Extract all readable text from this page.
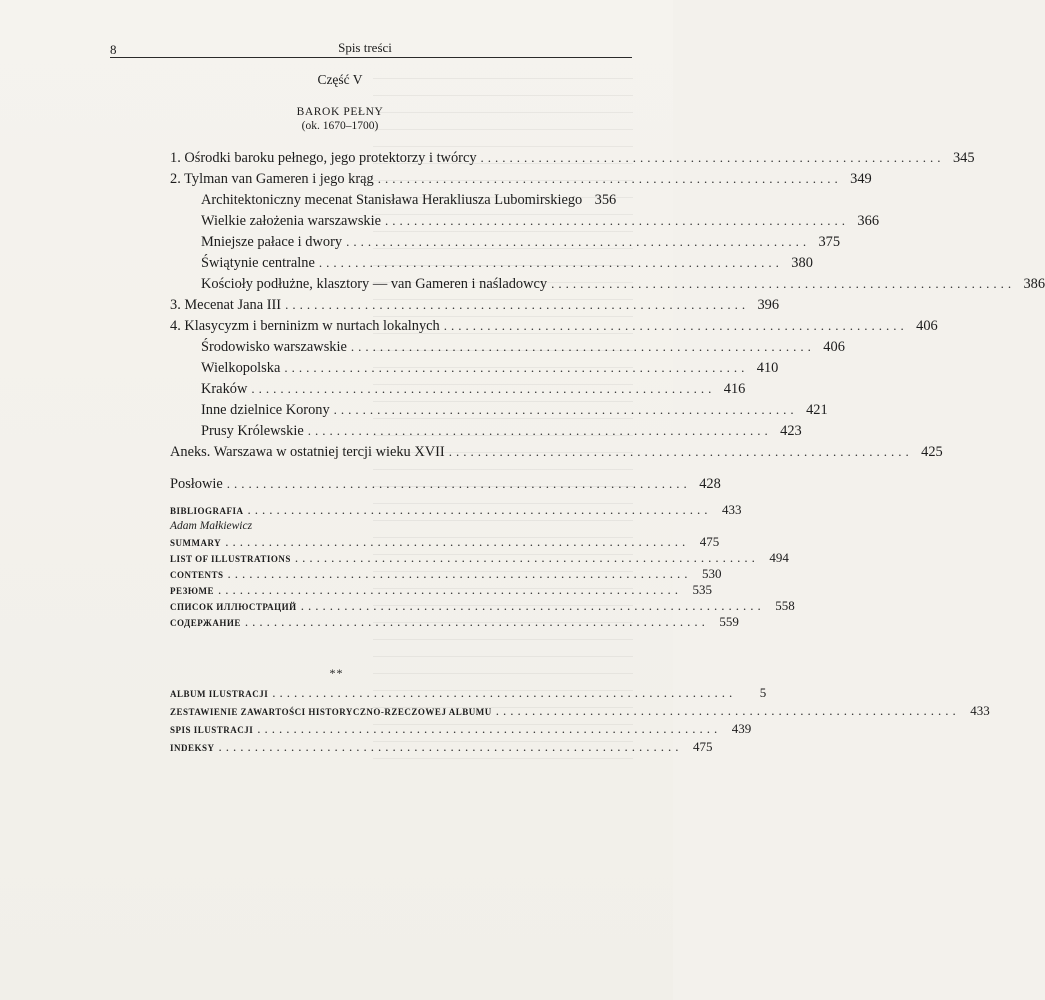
8	Spis treści
Część V
BAROK PEŁNY
(ok. 1670–1700)
1. Ośrodki baroku pełnego, jego protektorzy i twórcy ................................................................ 345
2. Tylman van Gameren i jego krąg ................................................................ 349
Architektoniczny mecenat Stanisława Herakliusza Lubomirskiego 356
Wielkie założenia warszawskie ................................................................ 366
Mniejsze pałace i dwory ................................................................ 375
Świątynie centralne ................................................................ 380
Kościoły podłużne, klasztory — van Gameren i naśladowcy ................................................................ 386
3. Mecenat Jana III ................................................................ 396
4. Klasycyzm i berninizm w nurtach lokalnych ................................................................ 406
Środowisko warszawskie ................................................................ 406
Wielkopolska ................................................................ 410
Kraków ................................................................ 416
Inne dzielnice Korony ................................................................ 421
Prusy Królewskie ................................................................ 423
Aneks. Warszawa w ostatniej tercji wieku XVII ................................................................ 425
Posłowie ................................................................ 428
BIBLIOGRAFIA ................................................................ 433
Adam Małkiewicz
SUMMARY ................................................................ 475
LIST OF ILLUSTRATIONS ................................................................ 494
CONTENTS ................................................................ 530
РЕЗЮМЕ ................................................................ 535
СПИСОК ИЛЛЮСТРАЦИЙ ................................................................ 558
СОДЕРЖАНИЕ ................................................................ 559
**
ALBUM ILUSTRACJI ................................................................	5
ZESTAWIENIE ZAWARTOŚCI HISTORYCZNO-RZECZOWEJ ALBUMU ................................................................ 433
SPIS ILUSTRACJI ................................................................ 439
INDEKSY ................................................................ 475
